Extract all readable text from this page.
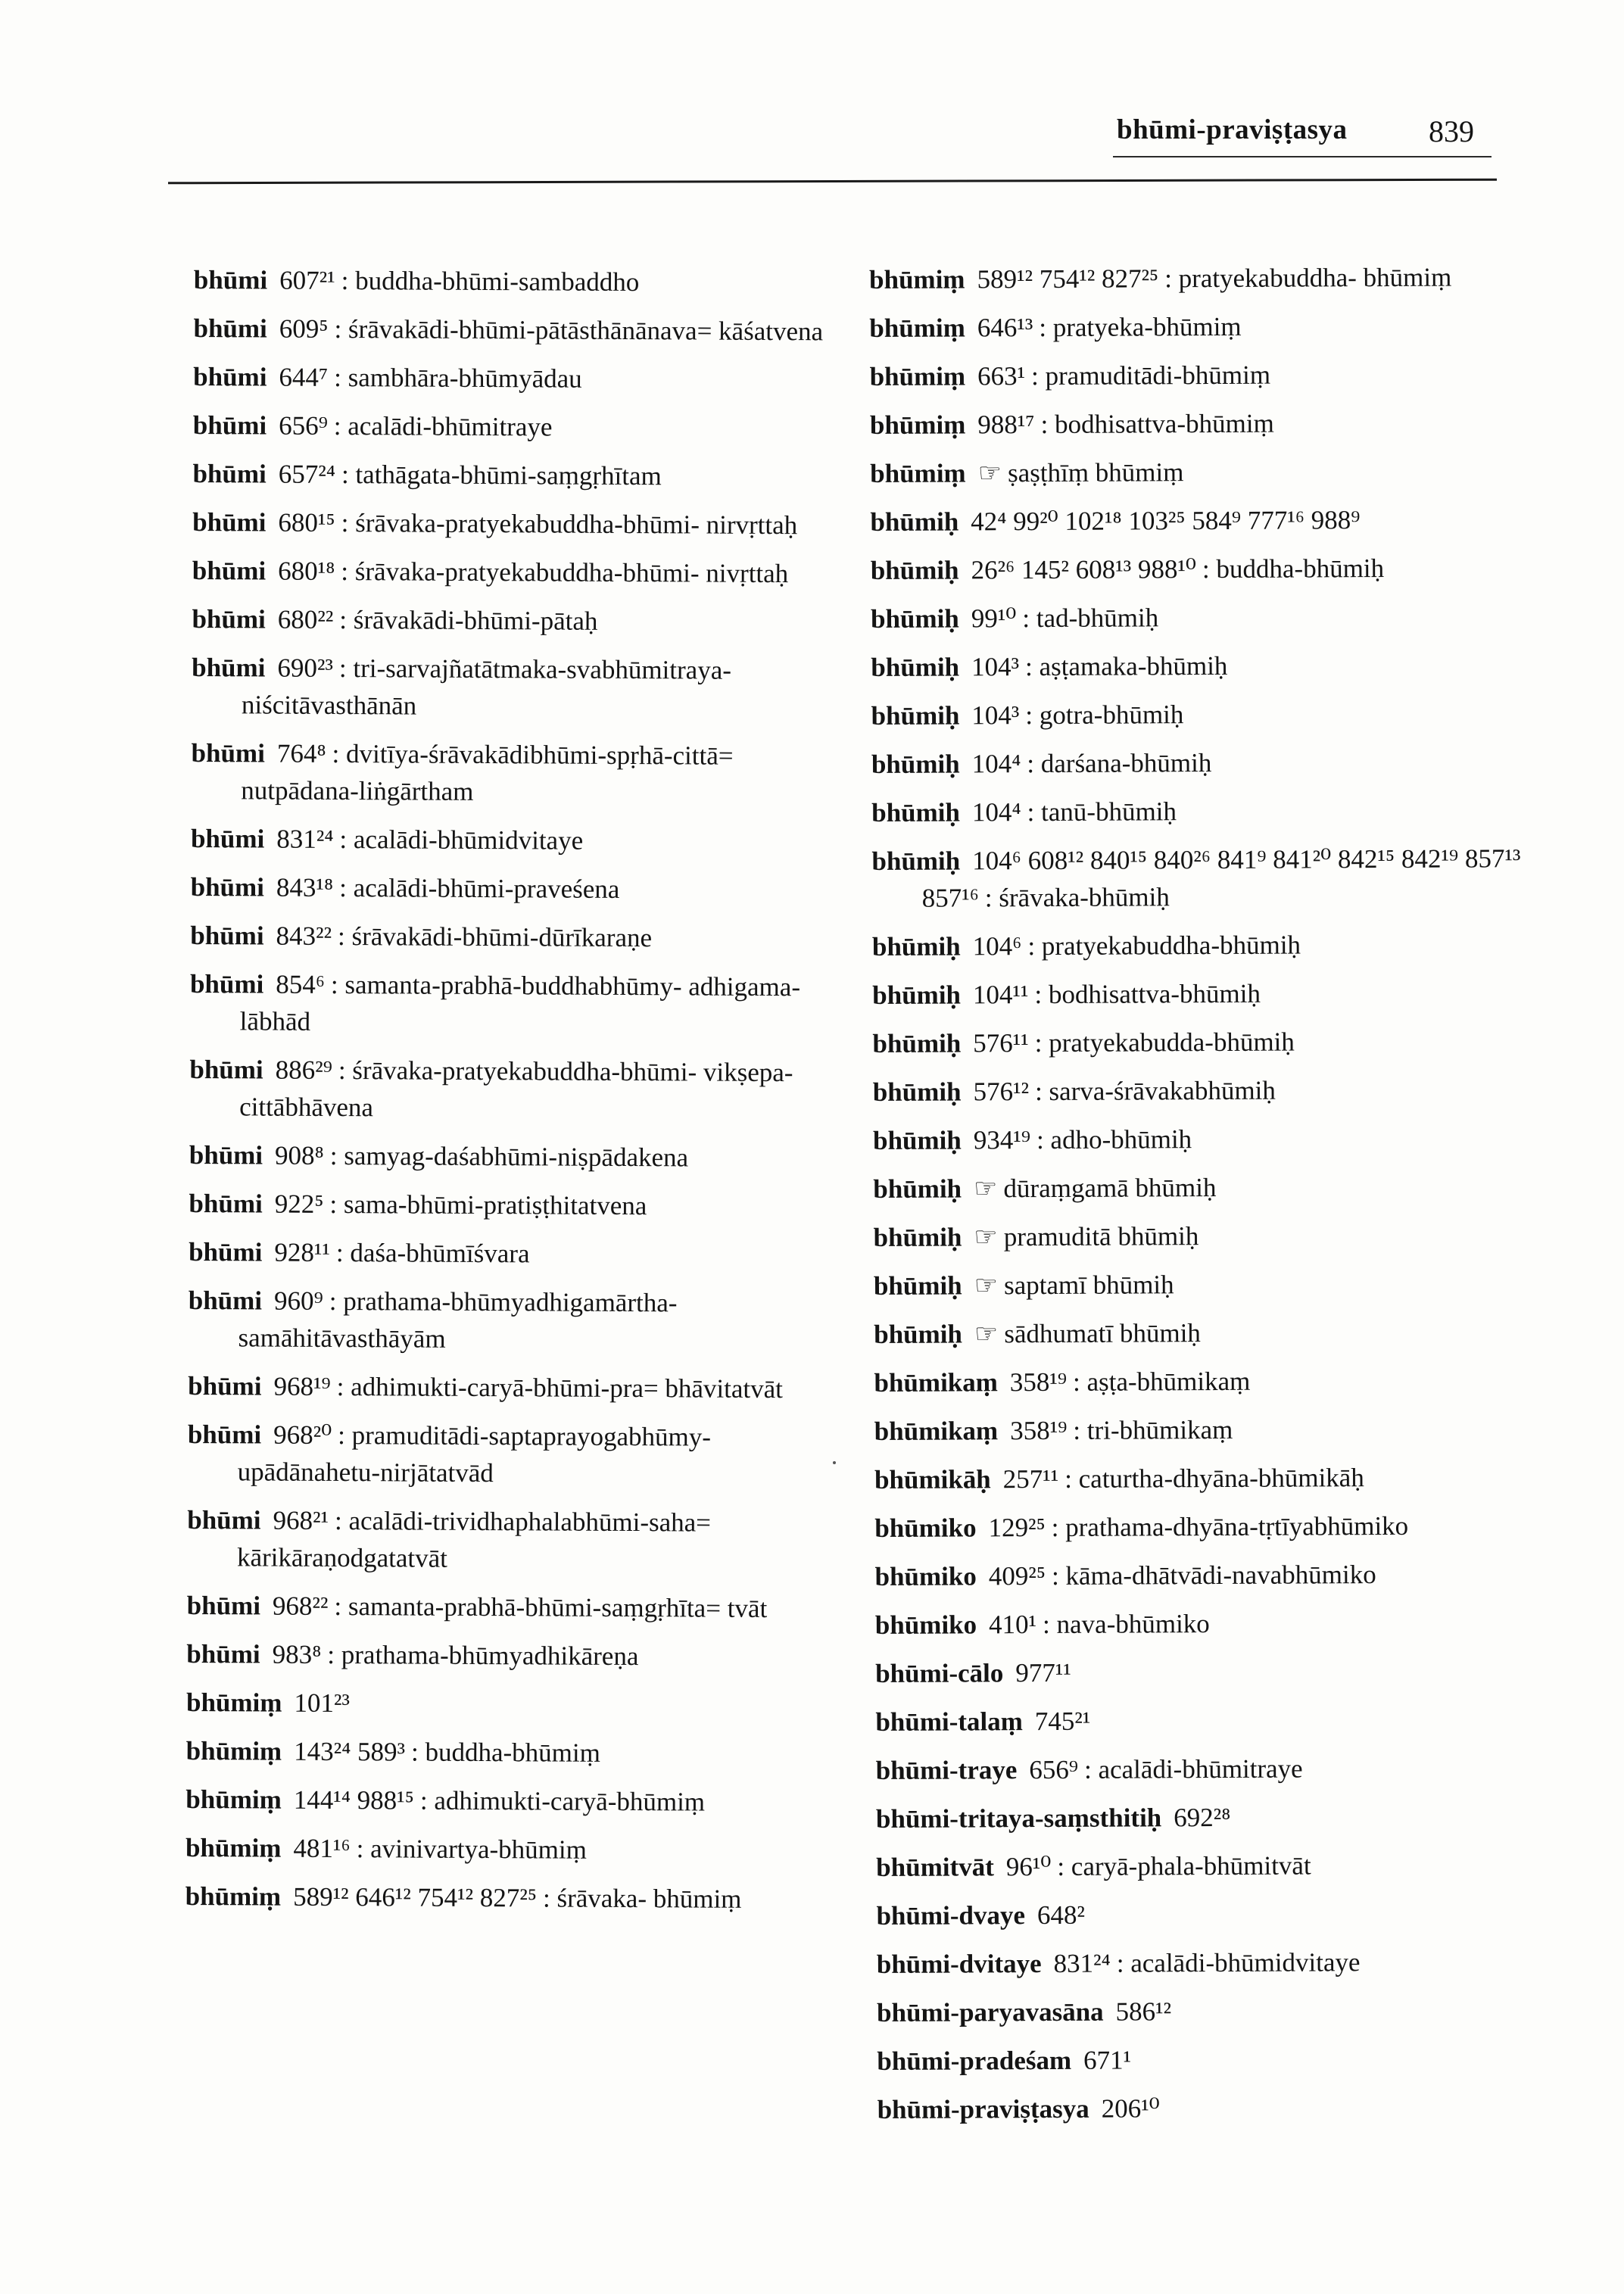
bhūmi-praviṣṭasya	839
bhūmi 607²¹ : buddha-bhūmi-sambaddho
bhūmi 609⁵ : śrāvakādi-bhūmi-pātāsthānānava= kāśatvena
bhūmi 644⁷ : sambhāra-bhūmyādau
bhūmi 656⁹ : acalādi-bhūmitraye
bhūmi 657²⁴ : tathāgata-bhūmi-saṃgṛhītam
bhūmi 680¹⁵ : śrāvaka-pratyekabuddha-bhūmi- nirvṛttaḥ
bhūmi 680¹⁸ : śrāvaka-pratyekabuddha-bhūmi- nivṛttaḥ
bhūmi 680²² : śrāvakādi-bhūmi-pātaḥ
bhūmi 690²³ : tri-sarvajñatātmaka-svabhūmitraya- niścitāvasthānān
bhūmi 764⁸ : dvitīya-śrāvakādibhūmi-spṛhā-cittā= nutpādana-liṅgārtham
bhūmi 831²⁴ : acalādi-bhūmidvitaye
bhūmi 843¹⁸ : acalādi-bhūmi-praveśena
bhūmi 843²² : śrāvakādi-bhūmi-dūrīkaraṇe
bhūmi 854⁶ : samanta-prabhā-buddhabhūmy- adhigama-lābhād
bhūmi 886²⁹ : śrāvaka-pratyekabuddha-bhūmi- vikṣepa-cittābhāvena
bhūmi 908⁸ : samyag-daśabhūmi-niṣpādakena
bhūmi 922⁵ : sama-bhūmi-pratiṣṭhitatvena
bhūmi 928¹¹ : daśa-bhūmīśvara
bhūmi 960⁹ : prathama-bhūmyadhigamārtha- samāhitāvasthāyām
bhūmi 968¹⁹ : adhimukti-caryā-bhūmi-pra= bhāvitatvāt
bhūmi 968²⁰ : pramuditādi-saptaprayogabhūmy- upādānahetu-nirjātatvād
bhūmi 968²¹ : acalādi-trividhaphalabhūmi-saha= kārikāraṇodgatatvāt
bhūmi 968²² : samanta-prabhā-bhūmi-saṃgṛhīta= tvāt
bhūmi 983⁸ : prathama-bhūmyadhikāreṇa
bhūmiṃ 101²³
bhūmiṃ 143²⁴ 589³ : buddha-bhūmiṃ
bhūmiṃ 144¹⁴ 988¹⁵ : adhimukti-caryā-bhūmiṃ
bhūmiṃ 481¹⁶ : avinivartya-bhūmiṃ
bhūmiṃ 589¹² 646¹² 754¹² 827²⁵ : śrāvaka- bhūmiṃ
bhūmiṃ 589¹² 754¹² 827²⁵ : pratyekabuddha- bhūmiṃ
bhūmiṃ 646¹³ : pratyeka-bhūmiṃ
bhūmiṃ 663¹ : pramuditādi-bhūmiṃ
bhūmiṃ 988¹⁷ : bodhisattva-bhūmiṃ
bhūmiṃ ☞ ṣaṣṭhīṃ bhūmiṃ
bhūmiḥ 42⁴ 99²⁰ 102¹⁸ 103²⁵ 584⁹ 777¹⁶ 988⁹
bhūmiḥ 26²⁶ 145² 608¹³ 988¹⁰ : buddha-bhūmiḥ
bhūmiḥ 99¹⁰ : tad-bhūmiḥ
bhūmiḥ 104³ : aṣṭamaka-bhūmiḥ
bhūmiḥ 104³ : gotra-bhūmiḥ
bhūmiḥ 104⁴ : darśana-bhūmiḥ
bhūmiḥ 104⁴ : tanū-bhūmiḥ
bhūmiḥ 104⁶ 608¹² 840¹⁵ 840²⁶ 841⁹ 841²⁰ 842¹⁵ 842¹⁹ 857¹³ 857¹⁶ : śrāvaka-bhūmiḥ
bhūmiḥ 104⁶ : pratyekabuddha-bhūmiḥ
bhūmiḥ 104¹¹ : bodhisattva-bhūmiḥ
bhūmiḥ 576¹¹ : pratyekabudda-bhūmiḥ
bhūmiḥ 576¹² : sarva-śrāvakabhūmiḥ
bhūmiḥ 934¹⁹ : adho-bhūmiḥ
bhūmiḥ ☞ dūraṃgamā bhūmiḥ
bhūmiḥ ☞ pramuditā bhūmiḥ
bhūmiḥ ☞ saptamī bhūmiḥ
bhūmiḥ ☞ sādhumatī bhūmiḥ
bhūmikaṃ 358¹⁹ : aṣṭa-bhūmikaṃ
bhūmikaṃ 358¹⁹ : tri-bhūmikaṃ
bhūmikāḥ 257¹¹ : caturtha-dhyāna-bhūmikāḥ
bhūmiko 129²⁵ : prathama-dhyāna-tṛtīyabhūmiko
bhūmiko 409²⁵ : kāma-dhātvādi-navabhūmiko
bhūmiko 410¹ : nava-bhūmiko
bhūmi-cālo 977¹¹
bhūmi-talaṃ 745²¹
bhūmi-traye 656⁹ : acalādi-bhūmitraye
bhūmi-tritaya-saṃsthitiḥ 692²⁸
bhūmitvāt 96¹⁰ : caryā-phala-bhūmitvāt
bhūmi-dvaye 648²
bhūmi-dvitaye 831²⁴ : acalādi-bhūmidvitaye
bhūmi-paryavasāna 586¹²
bhūmi-pradeśam 671¹
bhūmi-praviṣṭasya 206¹⁰
